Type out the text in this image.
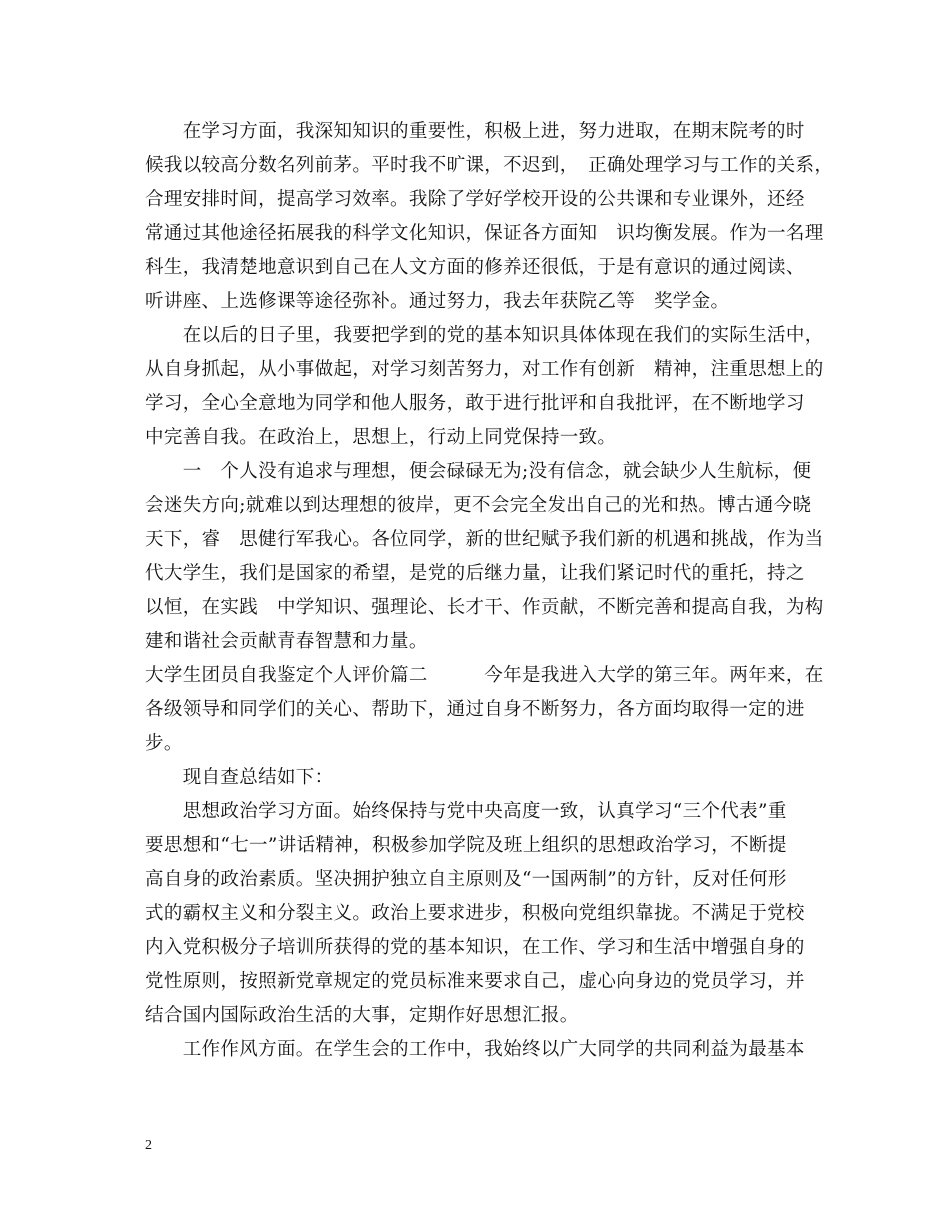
　　在学习方面，我深知知识的重要性，积极上进，努力进取，在期末院考的时
候我以较高分数名列前茅。平时我不旷课，不迟到，　正确处理学习与工作的关系，
合理安排时间，提高学习效率。我除了学好学校开设的公共课和专业课外，还经
常通过其他途径拓展我的科学文化知识，保证各方面知　识均衡发展。作为一名理
科生，我清楚地意识到自己在人文方面的修养还很低，于是有意识的通过阅读、
听讲座、上选修课等途径弥补。通过努力，我去年获院乙等　奖学金。
　　在以后的日子里，我要把学到的党的基本知识具体体现在我们的实际生活中，
从自身抓起，从小事做起，对学习刻苦努力，对工作有创新　精神，注重思想上的
学习，全心全意地为同学和他人服务，敢于进行批评和自我批评，在不断地学习
中完善自我。在政治上，思想上，行动上同党保持一致。
　　一　个人没有追求与理想，便会碌碌无为;没有信念，就会缺少人生航标，便
会迷失方向;就难以到达理想的彼岸，更不会完全发出自己的光和热。博古通今晓
天下，睿　思健行军我心。各位同学，新的世纪赋予我们新的机遇和挑战，作为当
代大学生，我们是国家的希望，是党的后继力量，让我们紧记时代的重托，持之
以恒，在实践　中学知识、强理论、长才干、作贡献，不断完善和提高自我，为构
建和谐社会贡献青春智慧和力量。
大学生团员自我鉴定个人评价篇二　　　今年是我进入大学的第三年。两年来，在
各级领导和同学们的关心、帮助下，通过自身不断努力，各方面均取得一定的进
步。
　　现自查总结如下：
　　思想政治学习方面。始终保持与党中央高度一致，认真学习“三个代表”重
要思想和“七一”讲话精神，积极参加学院及班上组织的思想政治学习，不断提
高自身的政治素质。坚决拥护独立自主原则及“一国两制”的方针，反对任何形
式的霸权主义和分裂主义。政治上要求进步，积极向党组织靠拢。不满足于党校
内入党积极分子培训所获得的党的基本知识，在工作、学习和生活中增强自身的
党性原则，按照新党章规定的党员标准来要求自己，虚心向身边的党员学习，并
结合国内国际政治生活的大事，定期作好思想汇报。
　　工作作风方面。在学生会的工作中，我始终以广大同学的共同利益为最基本
2
